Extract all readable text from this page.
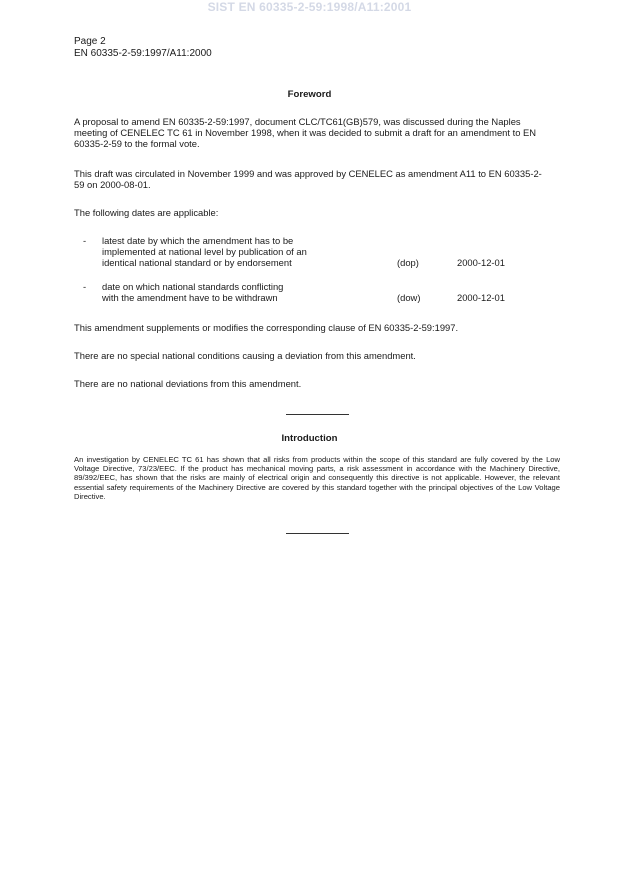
SIST EN 60335-2-59:1998/A11:2001
Page 2
EN 60335-2-59:1997/A11:2000
Foreword

A proposal to amend EN 60335-2-59:1997, document CLC/TC61(GB)579, was discussed during the Naples meeting of CENELEC TC 61 in November 1998, when it was decided to submit a draft for an amendment to EN 60335-2-59 to the formal vote.

This draft was circulated in November 1999 and was approved by CENELEC as amendment A11 to EN 60335-2-59 on 2000-08-01.

The following dates are applicable:

- latest date by which the amendment has to be
implemented at national level by publication of an
identical national standard or by endorsement	(dop)	2000-12-01
- date on which national standards conflicting
with the amendment have to be withdrawn	(dow)	2000-12-01

This amendment supplements or modifies the corresponding clause of EN 60335-2-59:1997.

There are no special national conditions causing a deviation from this amendment.

There are no national deviations from this amendment.

Introduction

An investigation by CENELEC TC 61 has shown that all risks from products within the scope of this standard are fully covered by the Low Voltage Directive, 73/23/EEC. If the product has mechanical moving parts, a risk assessment in accordance with the Machinery Directive, 89/392/EEC, has shown that the risks are mainly of electrical origin and consequently this directive is not applicable. However, the relevant essential safety requirements of the Machinery Directive are covered by this standard together with the principal objectives of the Low Voltage Directive.
